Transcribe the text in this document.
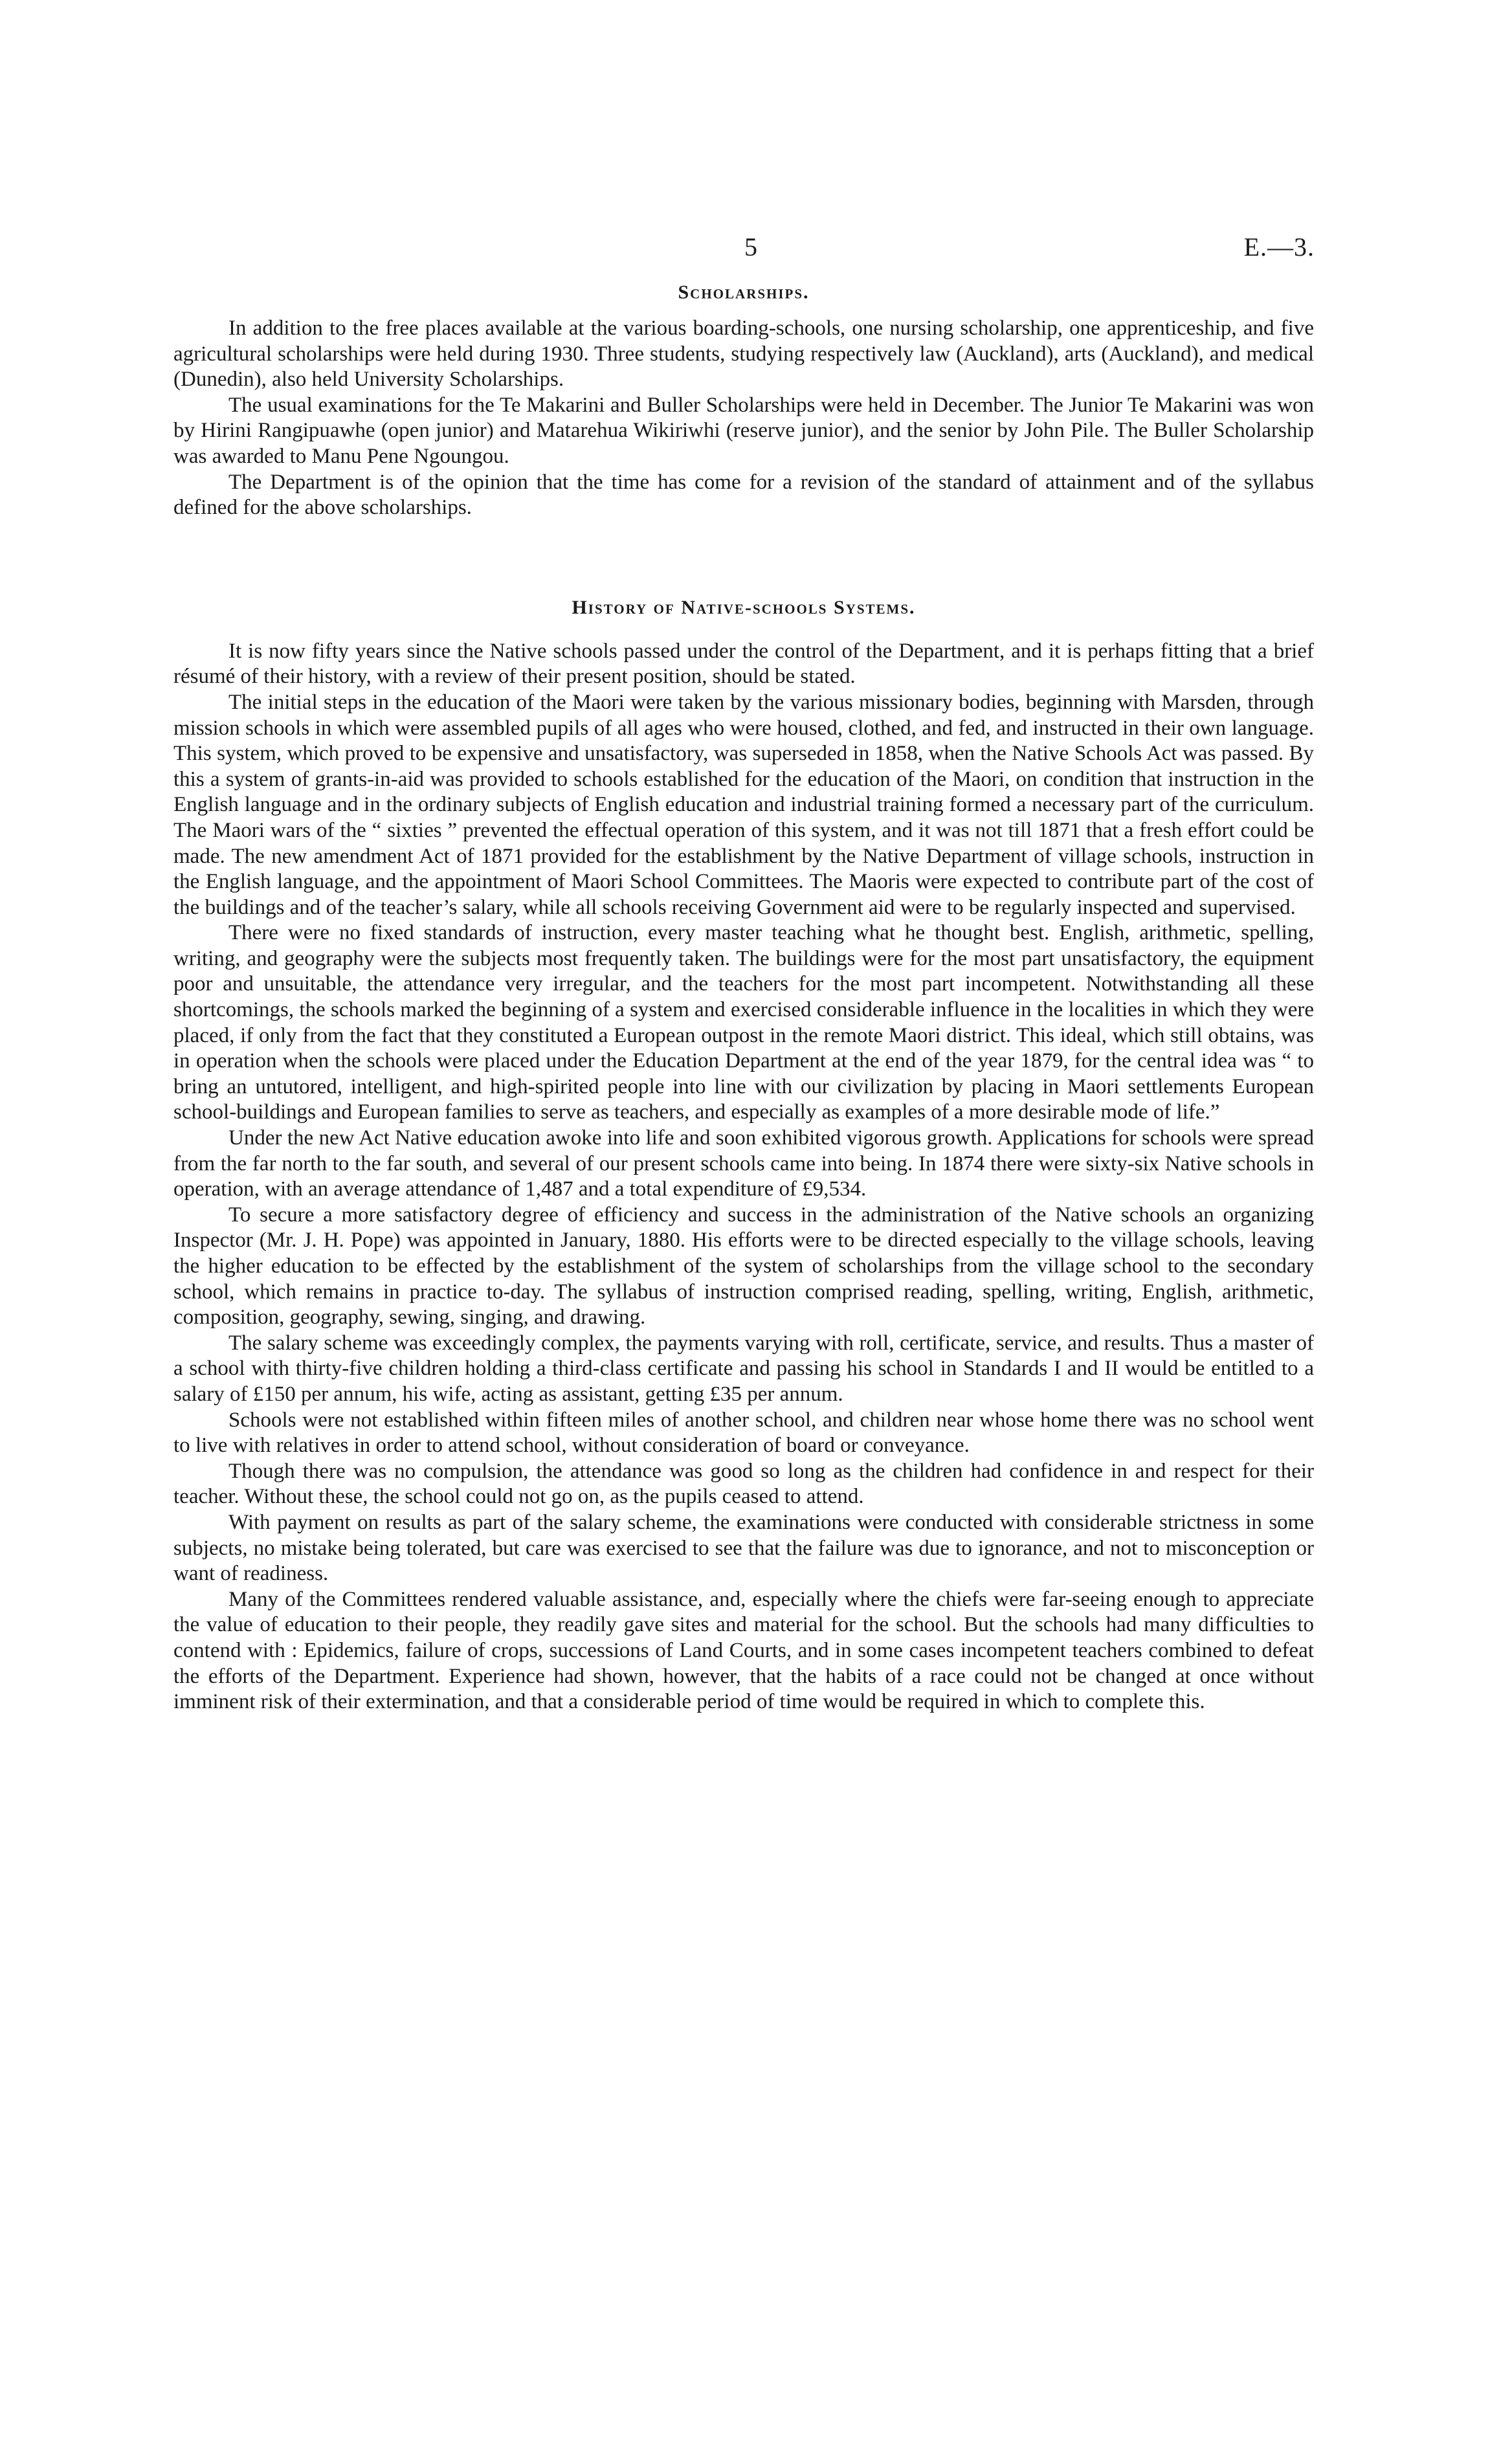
5	E.—3.
Scholarships.

In addition to the free places available at the various boarding-schools, one nursing scholarship, one apprenticeship, and five agricultural scholarships were held during 1930. Three students, studying respectively law (Auckland), arts (Auckland), and medical (Dunedin), also held University Scholarships.

The usual examinations for the Te Makarini and Buller Scholarships were held in December. The Junior Te Makarini was won by Hirini Rangipuawhe (open junior) and Matarehua Wikiriwhi (reserve junior), and the senior by John Pile. The Buller Scholarship was awarded to Manu Pene Ngoungou.

The Department is of the opinion that the time has come for a revision of the standard of attainment and of the syllabus defined for the above scholarships.

History of Native-schools Systems.

It is now fifty years since the Native schools passed under the control of the Department, and it is perhaps fitting that a brief résumé of their history, with a review of their present position, should be stated.

The initial steps in the education of the Maori were taken by the various missionary bodies, beginning with Marsden, through mission schools in which were assembled pupils of all ages who were housed, clothed, and fed, and instructed in their own language. This system, which proved to be expensive and unsatisfactory, was superseded in 1858, when the Native Schools Act was passed. By this a system of grants-in-aid was provided to schools established for the education of the Maori, on condition that instruction in the English language and in the ordinary subjects of English education and industrial training formed a necessary part of the curriculum. The Maori wars of the “ sixties ” prevented the effectual operation of this system, and it was not till 1871 that a fresh effort could be made. The new amendment Act of 1871 provided for the establishment by the Native Department of village schools, instruction in the English language, and the appointment of Maori School Committees. The Maoris were expected to contribute part of the cost of the buildings and of the teacher’s salary, while all schools receiving Government aid were to be regularly inspected and supervised.

There were no fixed standards of instruction, every master teaching what he thought best. English, arithmetic, spelling, writing, and geography were the subjects most frequently taken. The buildings were for the most part unsatisfactory, the equipment poor and unsuitable, the attendance very irregular, and the teachers for the most part incompetent. Notwithstanding all these shortcomings, the schools marked the beginning of a system and exercised considerable influence in the localities in which they were placed, if only from the fact that they constituted a European outpost in the remote Maori district. This ideal, which still obtains, was in operation when the schools were placed under the Education Department at the end of the year 1879, for the central idea was “ to bring an untutored, intelligent, and high-spirited people into line with our civilization by placing in Maori settlements European school-buildings and European families to serve as teachers, and especially as examples of a more desirable mode of life.”

Under the new Act Native education awoke into life and soon exhibited vigorous growth. Applications for schools were spread from the far north to the far south, and several of our present schools came into being. In 1874 there were sixty-six Native schools in operation, with an average attendance of 1,487 and a total expenditure of £9,534.

To secure a more satisfactory degree of efficiency and success in the administration of the Native schools an organizing Inspector (Mr. J. H. Pope) was appointed in January, 1880. His efforts were to be directed especially to the village schools, leaving the higher education to be effected by the establishment of the system of scholarships from the village school to the secondary school, which remains in practice to-day. The syllabus of instruction comprised reading, spelling, writing, English, arithmetic, composition, geography, sewing, singing, and drawing.

The salary scheme was exceedingly complex, the payments varying with roll, certificate, service, and results. Thus a master of a school with thirty-five children holding a third-class certificate and passing his school in Standards I and II would be entitled to a salary of £150 per annum, his wife, acting as assistant, getting £35 per annum.

Schools were not established within fifteen miles of another school, and children near whose home there was no school went to live with relatives in order to attend school, without consideration of board or conveyance.

Though there was no compulsion, the attendance was good so long as the children had confidence in and respect for their teacher. Without these, the school could not go on, as the pupils ceased to attend.

With payment on results as part of the salary scheme, the examinations were conducted with considerable strictness in some subjects, no mistake being tolerated, but care was exercised to see that the failure was due to ignorance, and not to misconception or want of readiness.

Many of the Committees rendered valuable assistance, and, especially where the chiefs were far-seeing enough to appreciate the value of education to their people, they readily gave sites and material for the school. But the schools had many difficulties to contend with : Epidemics, failure of crops, successions of Land Courts, and in some cases incompetent teachers combined to defeat the efforts of the Department. Experience had shown, however, that the habits of a race could not be changed at once without imminent risk of their extermination, and that a considerable period of time would be required in which to complete this.
